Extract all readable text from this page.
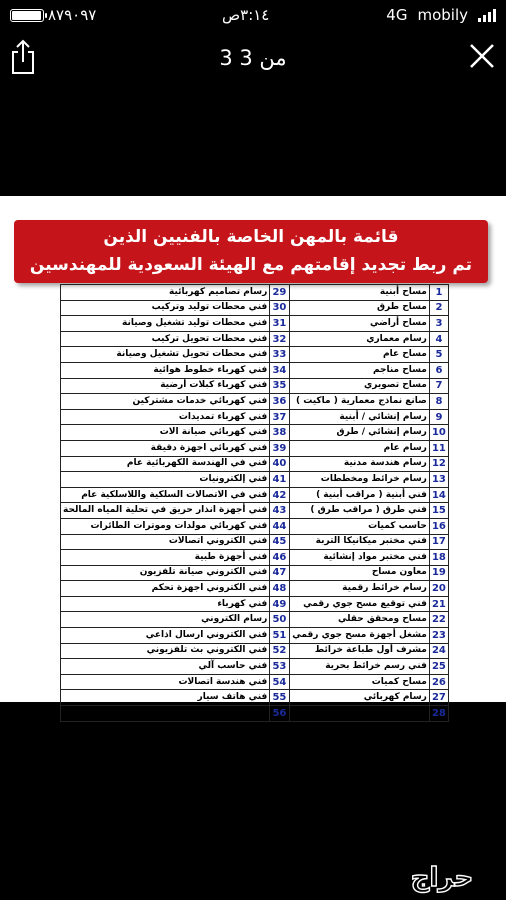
٨٧٩٠٩٧	٣:١٤ص	4G mobily
3 من 3
قائمة بالمهن الخاصة بالفنيين الذين
تم ربط تجديد إقامتهم مع الهيئة السعودية للمهندسين
1	مساح أبنية	29	رسام تصاميم كهربائية
2	مساح طرق	30	فني محطات توليد وتركيب
3	مساح أراضي	31	فني محطات توليد تشغيل وصيانة
4	رسام معماري	32	فني محطات تحويل تركيب
5	مساح عام	33	فني محطات تحويل تشغيل وصيانة
6	مساح مناجم	34	فني كهرباء خطوط هوائية
7	مساح تصويري	35	فني كهرباء كبلات أرضية
8	صانع نماذج معمارية ( ماكيت )	36	فني كهربائي خدمات مشتركين
9	رسام إنشائي / أبنية	37	فني كهرباء تمديدات
10	رسام إنشائي / طرق	38	فني كهربائي صيانة الات
11	رسام عام	39	فني كهربائي اجهزة دقيقة
12	رسام هندسة مدنية	40	فني في الهندسة الكهربائية عام
13	رسام خرائط ومخططات	41	فني إلكترونيات
14	فني أبنية ( مراقب أبنية )	42	فني في الاتصالات السلكية واللاسلكية عام
15	فني طرق ( مراقب طرق )	43	فني أجهزة انذار حريق في تحلية المياه المالحة
16	حاسب كميات	44	فني كهربائي مولدات وموترات الطائرات
17	فني مختبر ميكانيكا التربة	45	فني الكتروني اتصالات
18	فني مختبر مواد إنشائية	46	فني أجهزة طبية
19	معاون مساح	47	فني الكتروني صيانة تلفزيون
20	رسام خرائط رقمية	48	فني الكتروني اجهزة تحكم
21	فني توقيع مسح جوي رقمي	49	فني كهرباء
22	مساح ومحقق حقلي	50	رسام الكتروني
23	مشغل أجهزة مسح جوي رقمي	51	فني الكتروني ارسال اذاعي
24	مشرف أول طباعة خرائط	52	فني الكتروني بث تلفزيوني
25	فني رسم خرائط بحرية	53	فني حاسب آلي
26	مساح كميات	54	فني هندسة اتصالات
27	رسام كهربائي	55	فني هاتف سيار
28	رسام ميكانيكي	56	فني تلفونات
حراج
